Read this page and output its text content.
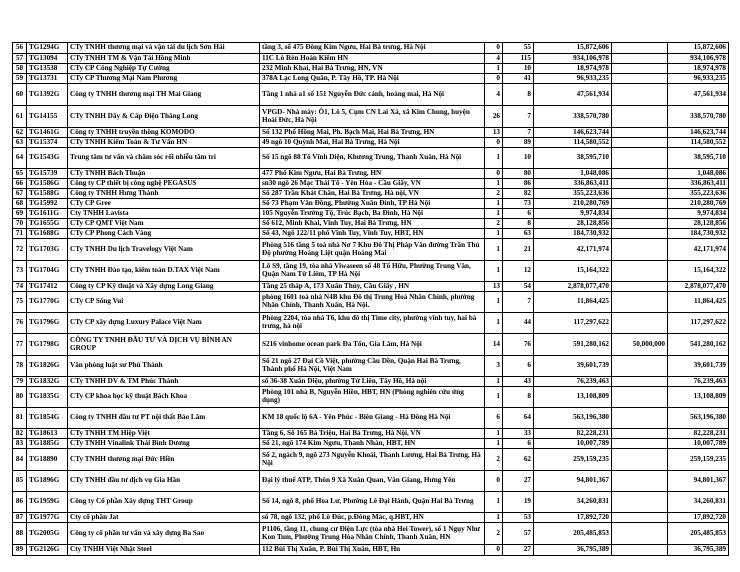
56	TG1294G	CTy TNHH thương mại và vận tải du lịch Sơn Hải	tầng 3, số 475 Đông Kim Ngưu, Hai Bà trưng, Hà Nội	0	55	15,872,606		15,872,606
57	TG13094	CTy TNHH TM & Vận Tải Hồng Minh	11C Lò Rèn Hoàn Kiếm HN	4	115	934,106,978		934,106,978
58	TG13538	CTy CP Công Nghiệp Tự Cường	232 Minh Khai, Hai Bà Trưng, HN, VN	1	10	18,974,978		18,974,978
59	TG13731	CTy CP Thương Mại Nam Phương	378A Lạc Long Quân, P. Tây Hồ, TP. Hà Nội	0	41	96,933,235		96,933,235
60	TG1392G	Công ty TNHH thương mại TH Mai Giang	Tầng 1 nhà a1 số 151 Nguyễn Đức cảnh, hoàng mai, Hà Nội	4	8	47,561,934		47,561,934
61	TG14155	CTy TNHH Dây & Cáp Điện Thăng Long	VPGD- Nhà máy: Ô1, Lô 5, Cụm CN Lai Xá, xã Kim Chung, huyện Hoài Đức, Hà Nội	26	7	338,570,780		338,570,780
62	TG1461G	Công ty TNHH truyền thông KOMODO	Số 132 Phố Hồng Mai, Ph. Bạch Mai, Hai Bà Trưng, HN	13	7	146,623,744		146,623,744
63	TG15374	CTy TNHH Kiểm Toán & Tư Vấn HN	49 ngõ 10 Quỳnh Mai, Hai Bà Trưng, Hà Nội	0	89	114,580,552		114,580,552
64	TG1543G	Trung tâm tư vấn và chăm sóc rối nhiễu tâm trí	Số 15 ngõ 88 Tô Vĩnh Diện, Khương Trung, Thanh Xuân, Hà Nội	1	10	38,595,710		38,595,710
65	TG15739	CTy TNHH Bách Thuận	477 Phố Kim Ngưu, Hai Bà Trưng, HN	0	80	1,048,086		1,048,086
66	TG1586G	Công ty CP thiết bị công nghệ PEGASUS	sn30 ngõ 26 Mạc Thái Tổ - Yên Hòa - Cầu Giấy, VN	1	86	336,863,411		336,863,411
67	TG1588G	Công ty TNHH Hưng Thành	Số 287 Trần Khát Chân, Hai Bà Trưng, Hà nội, VN	2	82	355,223,636		355,223,636
68	TG15992	CTy CP Gree	Số 73 Phạm Văn Đồng, Phường Xuân Đỉnh, TP Hà Nội	1	73	210,280,769		210,280,769
69	TG1611G	Cty TNHH Lavista	105 Nguyễn Trường Tộ, Trúc Bạch, Ba Đình, Hà Nội	1	6	9,974,834		9,974,834
70	TG1655G	CTy CP QMT Việt Nam	Số 612, Minh Khai, Vĩnh Tuy, Hai Bà Trưng, HN	2	8	28,128,856		28,128,856
71	TG1688G	CTy CP Phong Cách Vàng	Số 43, Ngõ 122/11 phố Vĩnh Tuy, Vĩnh Tuy, HBT, HN	1	63	184,730,932		184,730,932
72	TG1703G	CTy TNHH Du lịch Travelogy Việt Nam	Phòng 516 tầng 5 toà nhà Nơ 7 Khu Đô Thị Pháp Vân đường Trần Thủ Độ phường Hoàng Liệt quận Hoàng Mai	1	21	42,171,974		42,171,974
73	TG1704G	CTy TNHH Đào tạo, kiểm toán D.TAX Việt Nam	Lô S9, tầng 19, tòa nhà Viwaseen số 48 Tố Hữu, Phường Trung Văn, Quận Nam Từ Liêm, TP Hà Nội	1	12	15,164,322		15,164,322
74	TG17412	Công ty CP Kỹ thuật và Xây dựng Long Giang	Tầng 25 tháp A, 173 Xuân Thủy, Cầu Giấy , HN	13	54	2,878,077,470		2,878,077,470
75	TG1770G	CTy CP Sông Vui	phòng 1601 toà nhà N4B khu Đô thị Trung Hoà Nhân Chính, phường Nhân Chính, Thanh Xuân, Hà Nội.	1	7	11,864,425		11,864,425
76	TG1796G	CTy CP xây dựng Luxury Palace Việt Nam	Phòng 2204, tòa nhà T6, khu đô thị Time city, phường vĩnh tuy, hai bà trưng, hà nội	1	44	117,297,622		117,297,622
77	TG1798G	CÔNG TY TNHH ĐẦU TƯ VÀ DỊCH VỤ BÌNH AN GROUP	S216 vinhome ocean park Đa Tốn, Gia Lâm, Hà Nội	14	76	591,280,162	50,000,000	541,280,162
78	TG1826G	Văn phòng luật sư Phú Thành	Số 21 ngõ 27 Đại Cồ Việt, phường Cầu Dền, Quận Hai Bà Trưng, Thành phố Hà Nội, Việt Nam	3	6	39,601,739		39,601,739
79	TG1832G	CTy TNHH DV & TM Phúc Thành	số 36-38 Xuân Diệu, phường Tứ Liên, Tây Hồ, Hà nội	1	43	76,239,463		76,239,463
80	TG1835G	CTy CP khoa học kỹ thuật Bách Khoa	Phòng 101 nhà B, Nguyễn Hiền, HBT, HN (Phòng nghiên cứu ứng dụng)	1	8	13,108,809		13,108,809
81	TG1854G	Công ty TNHH đầu tư PT nội thất Bảo Lâm	KM 18 quốc lộ 6A - Yên Phúc - Biên Giang - Hà Đông Hà Nội	6	64	563,196,380		563,196,380
82	TG18613	CTy TNHH TM Hiệp Việt	Tầng 6, Số 165 Bà Triệu, Hai Bà Trưng, Hà Nội, VN	1	33	82,228,231		82,228,231
83	TG1885G	CTy TNHH Vinalink Thái Bình Dương	Số 21, ngõ 174 Kim Ngưu, Thanh Nhàn, HBT, HN	1	6	10,007,789		10,007,789
84	TG18890	CTy TNHH thương mại Đức Hiền	Số 2, ngách 9, ngõ 273 Nguyễn Khoái, Thanh Lương, Hai Bà Trưng, Hà Nội	2	62	259,159,235		259,159,235
85	TG1896G	CTy TNHH đầu tư dịch vụ Gia Hân	Đại lý thuế ATP, Thôn 9 Xã Xuân Quan, Văn Giang, Hưng Yên	0	27	94,801,367		94,801,367
86	TG1959G	Công ty Cổ phần Xây dựng THT Group	Số 14, ngõ 8, phố Hoa Lư, Phường Lê Đại Hành, Quận Hai Bà Trưng	1	19	34,260,831		34,260,831
87	TG1977G	Cty cổ phần Jat	số 78, ngõ 132, phố Lò Đúc, p.Đông Mác, q.HBT, HN	1	53	17,892,720		17,892,720
88	TG2005G	Công ty cổ phần tư vấn và xây dựng Ba Sao	P1106, tầng 11, chung cư Điện Lực (tòa nhà Hei Tower), số 1 Ngụy Như Kon Tum, Phường Trung Hòa Nhân Chính, Thanh Xuân, HN	2	57	205,485,853		205,485,853
89	TG2126G	Cty TNHH Việt Nhật Steel	112 Bùi Thị Xuân, P. Bùi Thị Xuân, HBT, Hn	0	27	36,795,389		36,795,389
